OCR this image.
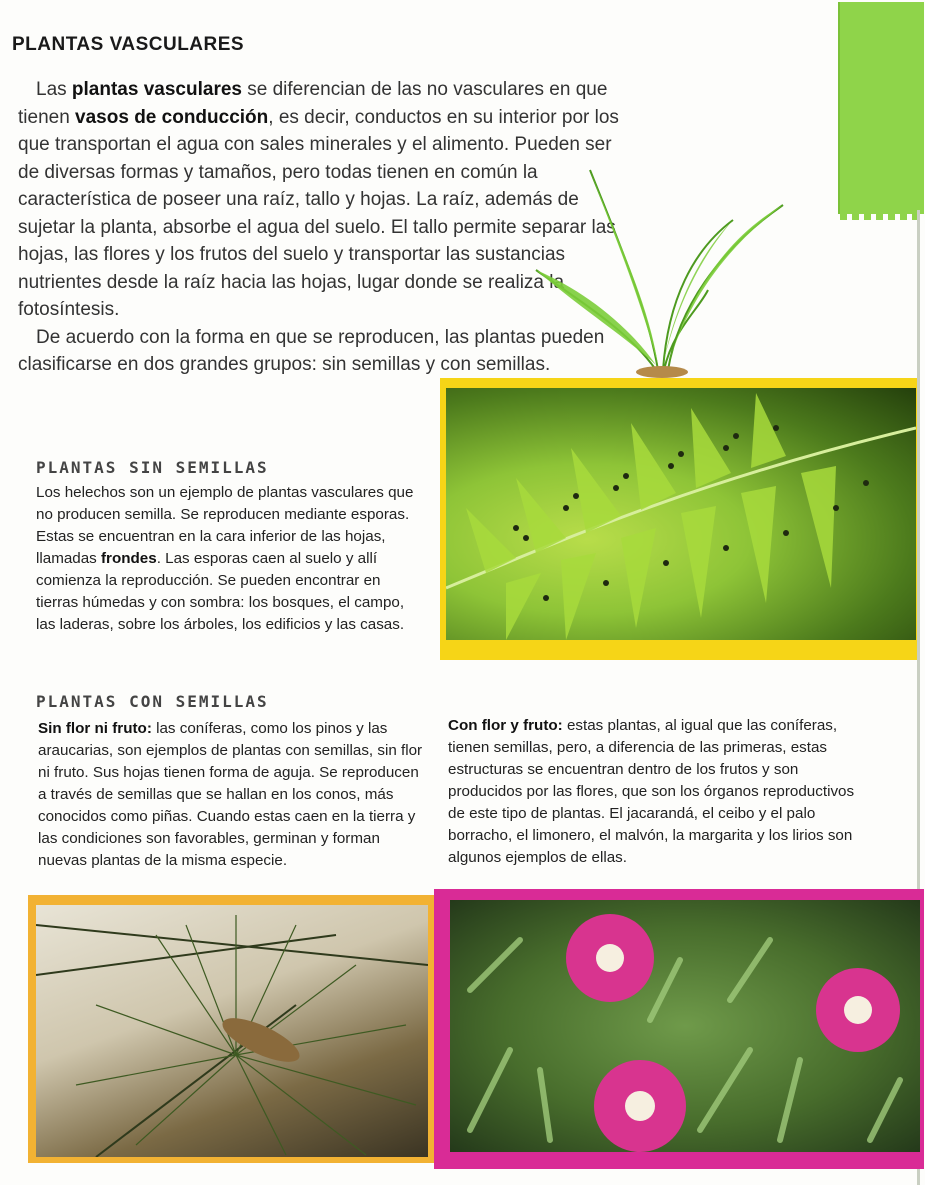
PLANTAS VASCULARES

Las plantas vasculares se diferencian de las no vasculares en que tienen vasos de conducción, es decir, conductos en su interior por los que transportan el agua con sales minerales y el alimento. Pueden ser de diversas formas y tamaños, pero todas tienen en común la característica de poseer una raíz, tallo y hojas. La raíz, además de sujetar la planta, absorbe el agua del suelo. El tallo permite separar las hojas, las flores y los frutos del suelo y transportar las sustancias nutrientes desde la raíz hacia las hojas, lugar donde se realiza la fotosíntesis.

De acuerdo con la forma en que se reproducen, las plantas pueden clasificarse en dos grandes grupos: sin semillas y con semillas.

PLANTAS SIN SEMILLAS
Los helechos son un ejemplo de plantas vasculares que no producen semilla. Se reproducen mediante esporas. Estas se encuentran en la cara inferior de las hojas, llamadas frondes. Las esporas caen al suelo y allí comienza la reproducción. Se pueden encontrar en tierras húmedas y con sombra: los bosques, el campo, las laderas, sobre los árboles, los edificios y las casas.
PLANTAS CON SEMILLAS
Sin flor ni fruto: las coníferas, como los pinos y las araucarias, son ejemplos de plantas con semillas, sin flor ni fruto. Sus hojas tienen forma de aguja. Se reproducen a través de semillas que se hallan en los conos, más conocidos como piñas. Cuando estas caen en la tierra y las condiciones son favorables, germinan y forman nuevas plantas de la misma especie.
Con flor y fruto: estas plantas, al igual que las coníferas, tienen semillas, pero, a diferencia de las primeras, estas estructuras se encuentran dentro de los frutos y son producidos por las flores, que son los órganos reproductivos de este tipo de plantas. El jacarandá, el ceibo y el palo borracho, el limonero, el malvón, la margarita y los lirios son algunos ejemplos de ellas.
